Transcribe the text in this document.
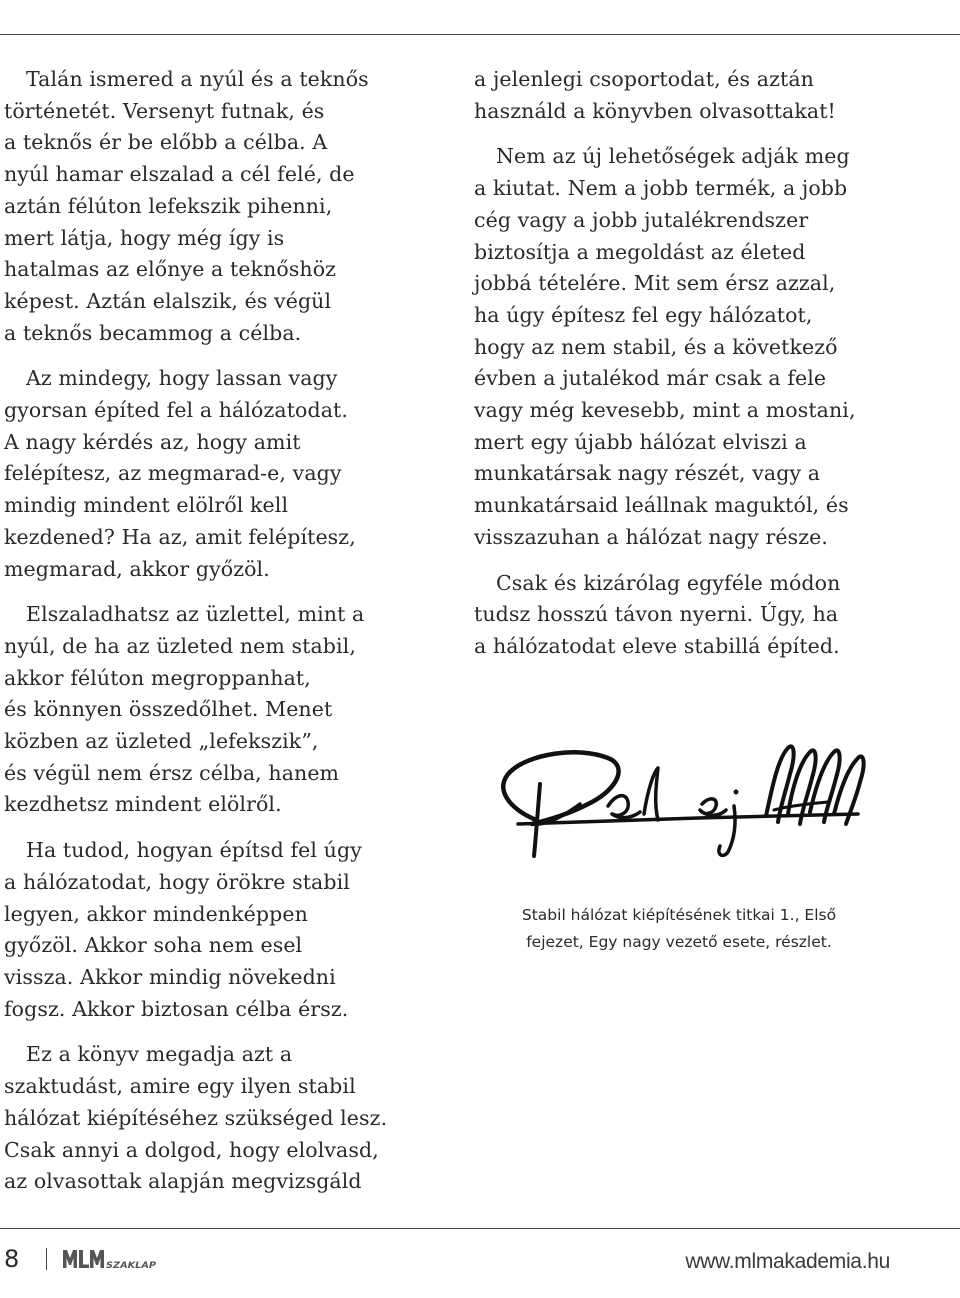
Talán ismered a nyúl és a teknős
történetét. Versenyt futnak, és
a teknős ér be előbb a célba. A
nyúl hamar elszalad a cél felé, de
aztán félúton lefekszik pihenni,
mert látja, hogy még így is
hatalmas az előnye a teknőshöz
képest. Aztán elalszik, és végül
a teknős becammog a célba.

Az mindegy, hogy lassan vagy
gyorsan építed fel a hálózatodat.
A nagy kérdés az, hogy amit
felépítesz, az megmarad-e, vagy
mindig mindent elölről kell
kezdened? Ha az, amit felépítesz,
megmarad, akkor győzöl.

Elszaladhatsz az üzlettel, mint a
nyúl, de ha az üzleted nem stabil,
akkor félúton megroppanhat,
és könnyen összedőlhet. Menet
közben az üzleted „lefekszik”,
és végül nem érsz célba, hanem
kezdhetsz mindent elölről.

Ha tudod, hogyan építsd fel úgy
a hálózatodat, hogy örökre stabil
legyen, akkor mindenképpen
győzöl. Akkor soha nem esel
vissza. Akkor mindig növekedni
fogsz. Akkor biztosan célba érsz.

Ez a könyv megadja azt a
szaktudást, amire egy ilyen stabil
hálózat kiépítéséhez szükséged lesz.
Csak annyi a dolgod, hogy elolvasd,
az olvasottak alapján megvizsgáld

a jelenlegi csoportodat, és aztán
használd a könyvben olvasottakat!

Nem az új lehetőségek adják meg
a kiutat. Nem a jobb termék, a jobb
cég vagy a jobb jutalékrendszer
biztosítja a megoldást az életed
jobbá tételére. Mit sem érsz azzal,
ha úgy építesz fel egy hálózatot,
hogy az nem stabil, és a következő
évben a jutalékod már csak a fele
vagy még kevesebb, mint a mostani,
mert egy újabb hálózat elviszi a
munkatársak nagy részét, vagy a
munkatársaid leállnak maguktól, és
visszazuhan a hálózat nagy része.

Csak és kizárólag egyféle módon
tudsz hosszú távon nyerni. Úgy, ha
a hálózatodat eleve stabillá építed.

Stabil hálózat kiépítésének titkai 1., Első
fejezet, Egy nagy vezető esete, részlet.
8	SZAKLAP	www.mlmakademia.hu
